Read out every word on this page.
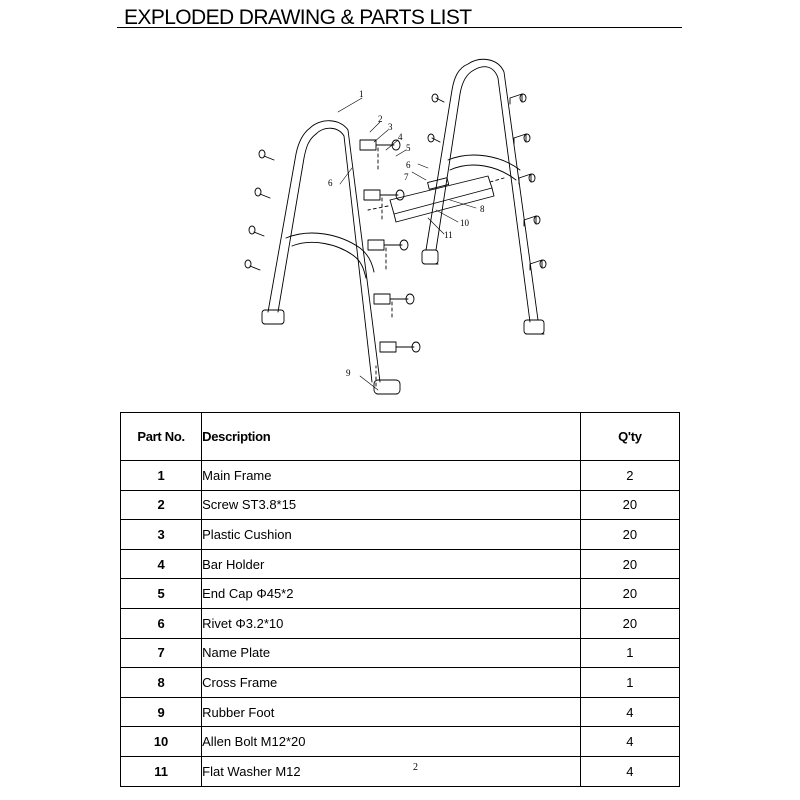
EXPLODED DRAWING & PARTS LIST
1
2
3
4
5
6
7
8
9
10
11
6
Part No.	Description	Q'ty
1	Main Frame	2
2	Screw ST3.8*15	20
3	Plastic Cushion	20
4	Bar Holder	20
5	End Cap Φ45*2	20
6	Rivet Φ3.2*10	20
7	Name Plate	1
8	Cross Frame	1
9	Rubber Foot	4
10	Allen Bolt M12*20	4
11	Flat Washer M12	4
2
